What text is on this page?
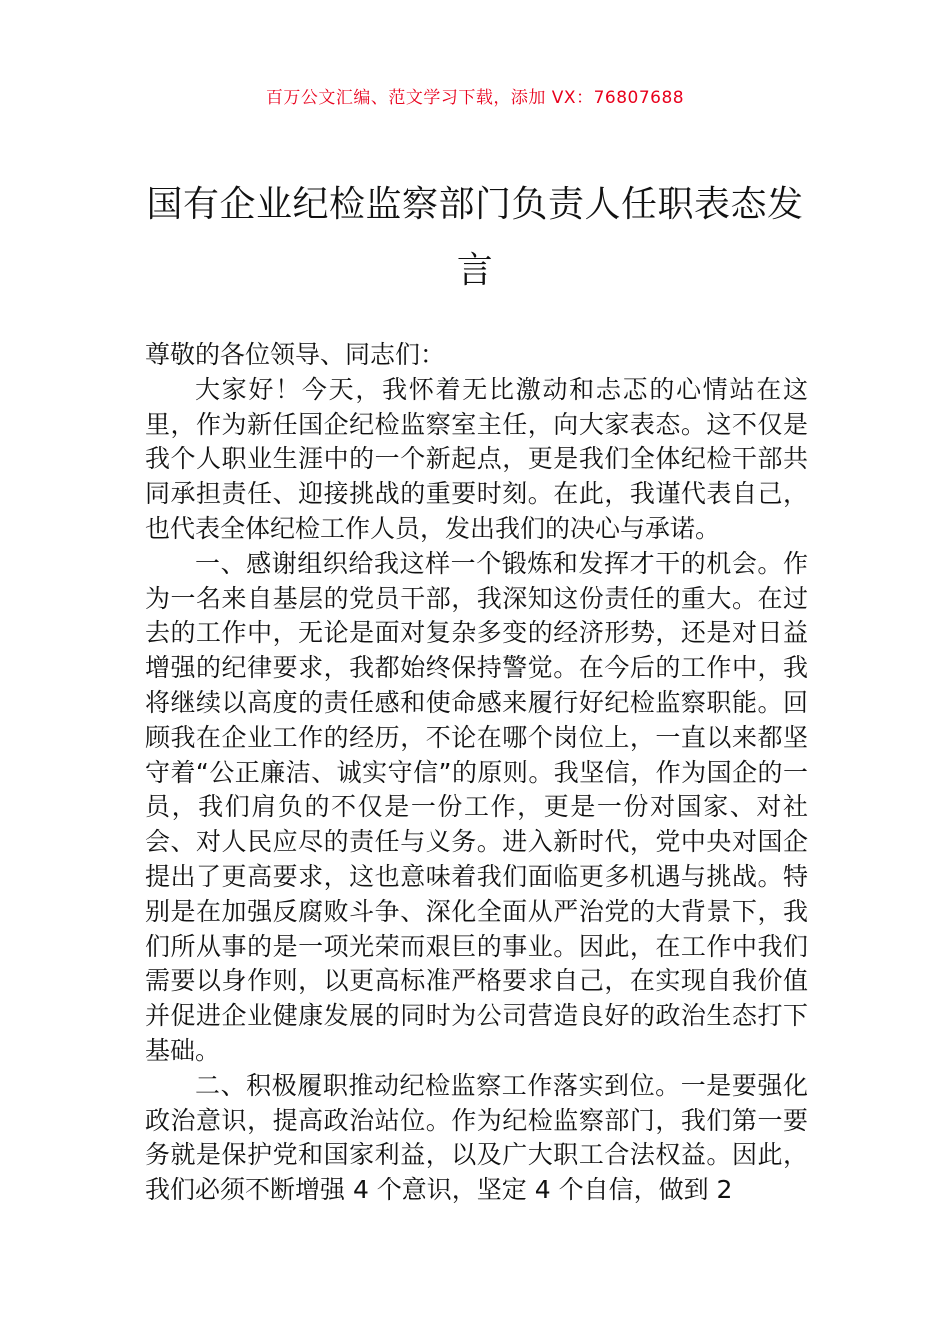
百万公文汇编、范文学习下载，添加 VX：76807688
国有企业纪检监察部门负责人任职表态发言

尊敬的各位领导、同志们：

大家好！今天，我怀着无比激动和忐忑的心情站在这里，作为新任国企纪检监察室主任，向大家表态。这不仅是我个人职业生涯中的一个新起点，更是我们全体纪检干部共同承担责任、迎接挑战的重要时刻。在此，我谨代表自己，也代表全体纪检工作人员，发出我们的决心与承诺。

一、感谢组织给我这样一个锻炼和发挥才干的机会。作为一名来自基层的党员干部，我深知这份责任的重大。在过去的工作中，无论是面对复杂多变的经济形势，还是对日益增强的纪律要求，我都始终保持警觉。在今后的工作中，我将继续以高度的责任感和使命感来履行好纪检监察职能。回顾我在企业工作的经历，不论在哪个岗位上，一直以来都坚守着“公正廉洁、诚实守信”的原则。我坚信，作为国企的一员，我们肩负的不仅是一份工作，更是一份对国家、对社会、对人民应尽的责任与义务。进入新时代，党中央对国企提出了更高要求，这也意味着我们面临更多机遇与挑战。特别是在加强反腐败斗争、深化全面从严治党的大背景下，我们所从事的是一项光荣而艰巨的事业。因此，在工作中我们需要以身作则，以更高标准严格要求自己，在实现自我价值并促进企业健康发展的同时为公司营造良好的政治生态打下基础。

二、积极履职推动纪检监察工作落实到位。一是要强化政治意识，提高政治站位。作为纪检监察部门，我们第一要务就是保护党和国家利益，以及广大职工合法权益。因此，我们必须不断增强 4 个意识，坚定 4 个自信，做到 2
